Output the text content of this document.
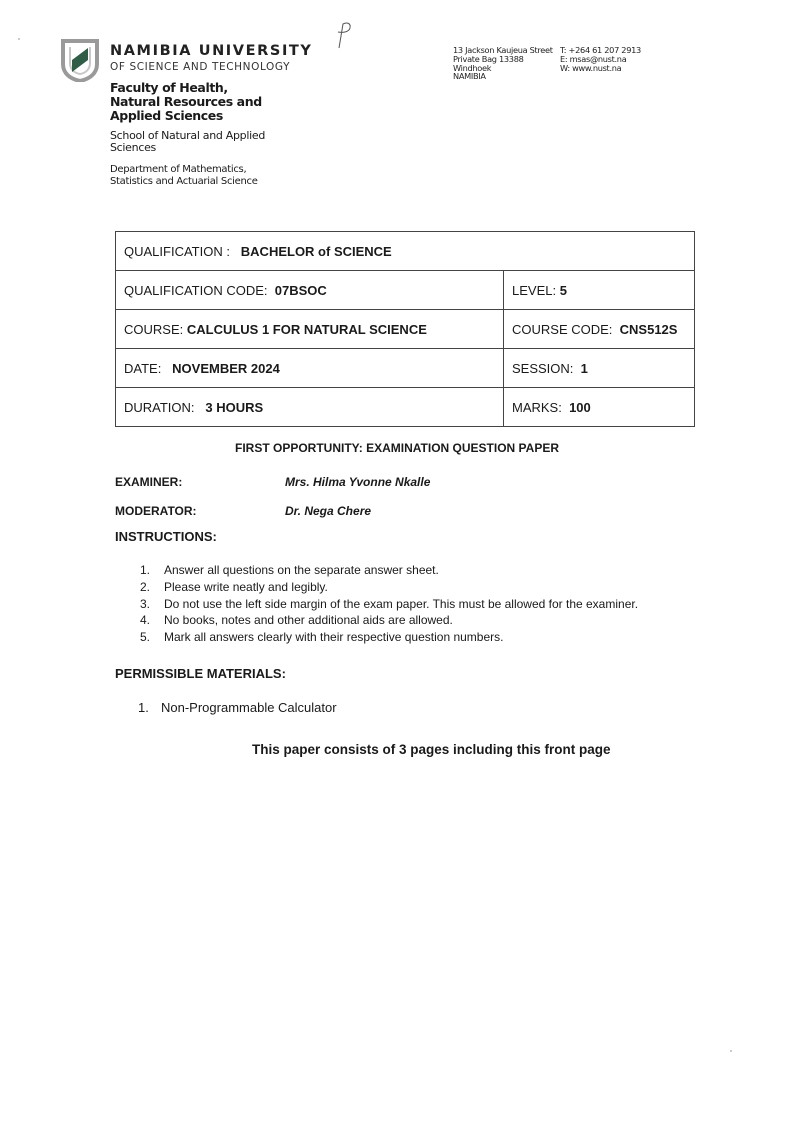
NAMIBIA UNIVERSITY
OF SCIENCE AND TECHNOLOGY
Faculty of Health, Natural Resources and Applied Sciences
School of Natural and Applied Sciences
Department of Mathematics, Statistics and Actuarial Science
13 Jackson Kaujeua Street
Private Bag 13388
Windhoek
NAMIBIA
T: +264 61 207 2913
E: msas@nust.na
W: www.nust.na
QUALIFICATION : BACHELOR of SCIENCE	
QUALIFICATION CODE: 07BSOC	LEVEL: 5
COURSE: CALCULUS 1 FOR NATURAL SCIENCE	COURSE CODE: CNS512S
DATE: NOVEMBER 2024	SESSION: 1
DURATION: 3 HOURS	MARKS: 100
FIRST OPPORTUNITY: EXAMINATION QUESTION PAPER
EXAMINER:	Mrs. Hilma Yvonne Nkalle
MODERATOR:	Dr. Nega Chere
INSTRUCTIONS:
1.	Answer all questions on the separate answer sheet.
2.	Please write neatly and legibly.
3.	Do not use the left side margin of the exam paper. This must be allowed for the examiner.
4.	No books, notes and other additional aids are allowed.
5.	Mark all answers clearly with their respective question numbers.
PERMISSIBLE MATERIALS:
1. Non-Programmable Calculator
This paper consists of 3 pages including this front page
